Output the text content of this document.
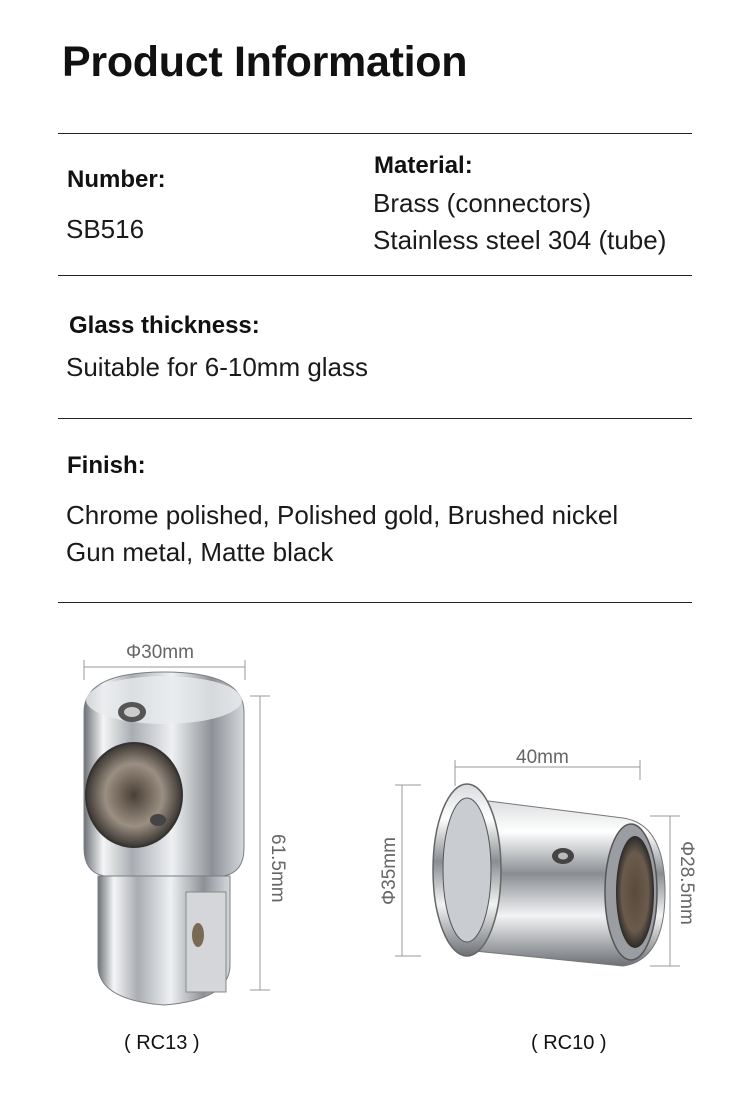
Product Information
Number:
SB516
Material:
Brass (connectors)
Stainless steel 304 (tube)
Glass thickness:
Suitable for 6-10mm glass
Finish:
Chrome polished, Polished gold, Brushed nickel
Gun metal, Matte black
Φ30mm
61.5mm
( RC13 )
40mm
Φ35mm	Φ28.5mm
( RC10 )
